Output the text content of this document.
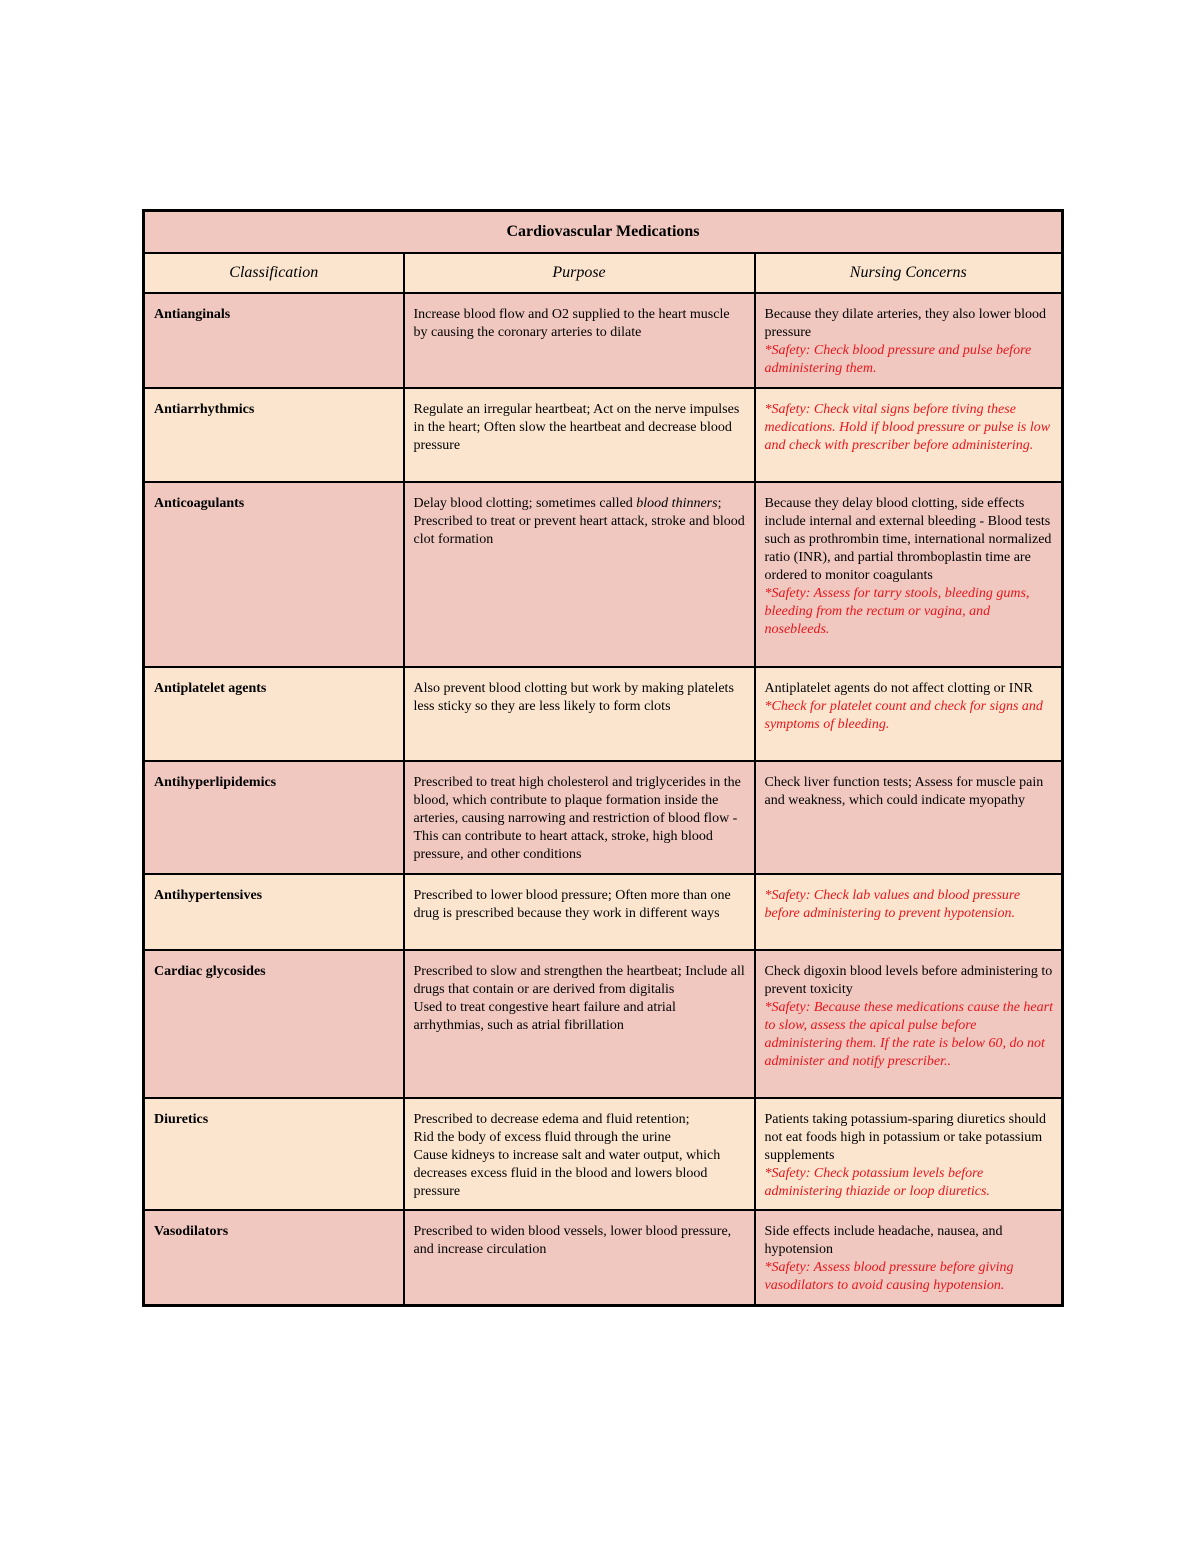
Cardiovascular Medications		
Classification	Purpose	Nursing Concerns

Antianginals	Increase blood flow and O2 supplied to the heart muscle by causing the coronary arteries to dilate	Because they dilate arteries, they also lower blood pressure
*Safety: Check blood pressure and pulse before administering them.

Antiarrhythmics	Regulate an irregular heartbeat; Act on the nerve impulses in the heart; Often slow the heartbeat and decrease blood pressure	*Safety: Check vital signs before tiving these medications. Hold if blood pressure or pulse is low and check with prescriber before administering.

Anticoagulants	Delay blood clotting; sometimes called blood thinners; Prescribed to treat or prevent heart attack, stroke and blood clot formation	Because they delay blood clotting, side effects include internal and external bleeding - Blood tests such as prothrombin time, international normalized ratio (INR), and partial thromboplastin time are ordered to monitor coagulants
*Safety: Assess for tarry stools, bleeding gums, bleeding from the rectum or vagina, and nosebleeds.

Antiplatelet agents	Also prevent blood clotting but work by making platelets less sticky so they are less likely to form clots	Antiplatelet agents do not affect clotting or INR
*Check for platelet count and check for signs and symptoms of bleeding.

Antihyperlipidemics	Prescribed to treat high cholesterol and triglycerides in the blood, which contribute to plaque formation inside the arteries, causing narrowing and restriction of blood flow - This can contribute to heart attack, stroke, high blood pressure, and other conditions	Check liver function tests; Assess for muscle pain and weakness, which could indicate myopathy

Antihypertensives	Prescribed to lower blood pressure; Often more than one drug is prescribed because they work in different ways	*Safety: Check lab values and blood pressure before administering to prevent hypotension.

Cardiac glycosides	Prescribed to slow and strengthen the heartbeat; Include all drugs that contain or are derived from digitalis
Used to treat congestive heart failure and atrial arrhythmias, such as atrial fibrillation	Check digoxin blood levels before administering to prevent toxicity
*Safety: Because these medications cause the heart to slow, assess the apical pulse before administering them. If the rate is below 60, do not administer and notify prescriber..

Diuretics	Prescribed to decrease edema and fluid retention;
Rid the body of excess fluid through the urine
Cause kidneys to increase salt and water output, which decreases excess fluid in the blood and lowers blood pressure	Patients taking potassium-sparing diuretics should not eat foods high in potassium or take potassium supplements
*Safety: Check potassium levels before administering thiazide or loop diuretics.

Vasodilators	Prescribed to widen blood vessels, lower blood pressure, and increase circulation	Side effects include headache, nausea, and hypotension
*Safety: Assess blood pressure before giving vasodilators to avoid causing hypotension.
